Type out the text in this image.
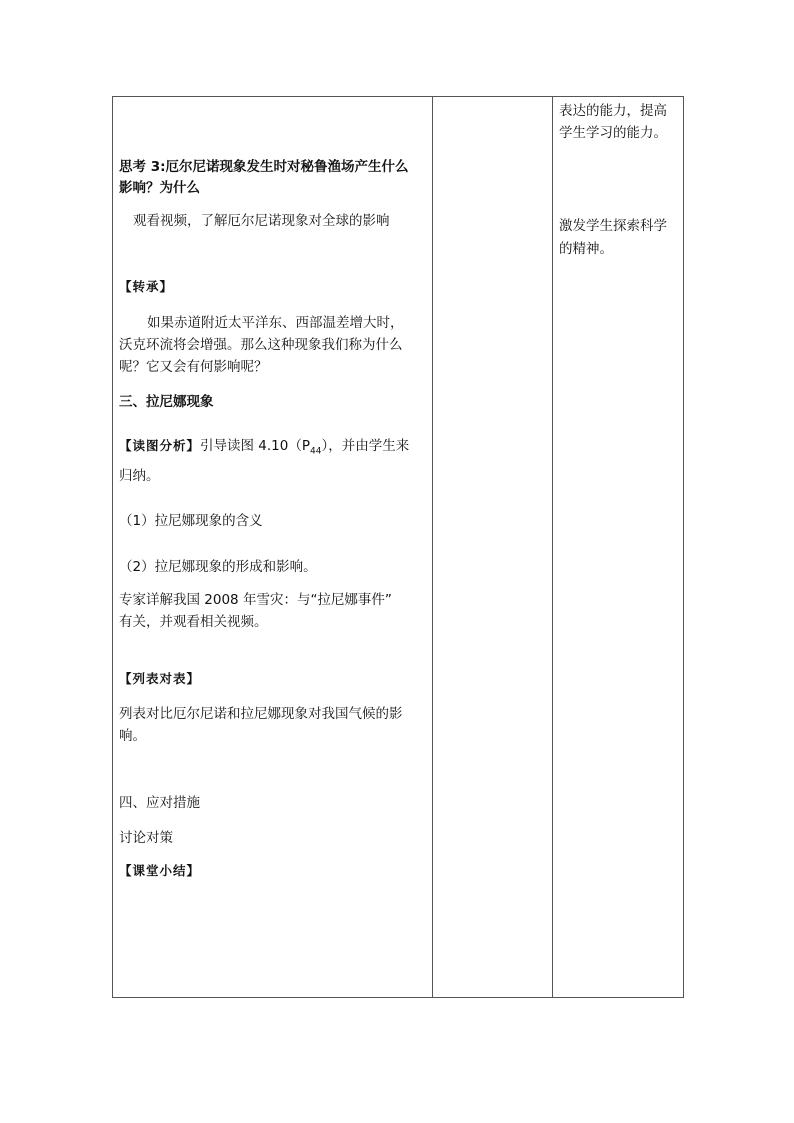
思考 3:厄尔尼诺现象发生时对秘鲁渔场产生什么
影响？为什么
观看视频，了解厄尔尼诺现象对全球的影响
【转承】
如果赤道附近太平洋东、西部温差增大时，
沃克环流将会增强。那么这种现象我们称为什么
呢？它又会有何影响呢？
三、拉尼娜现象
【读图分析】引导读图 $4.10(P_{44})$，并由学生来
归纳。
（1）拉尼娜现象的含义
（2）拉尼娜现象的形成和影响。
专家详解我国 2008 年雪灾：与“拉尼娜事件”
有关，并观看相关视频。
【列表对表】
列表对比厄尔尼诺和拉尼娜现象对我国气候的影
响。
四、应对措施
讨论对策
【课堂小结】
表达的能力，提高
学生学习的能力。
激发学生探索科学
的精神。
